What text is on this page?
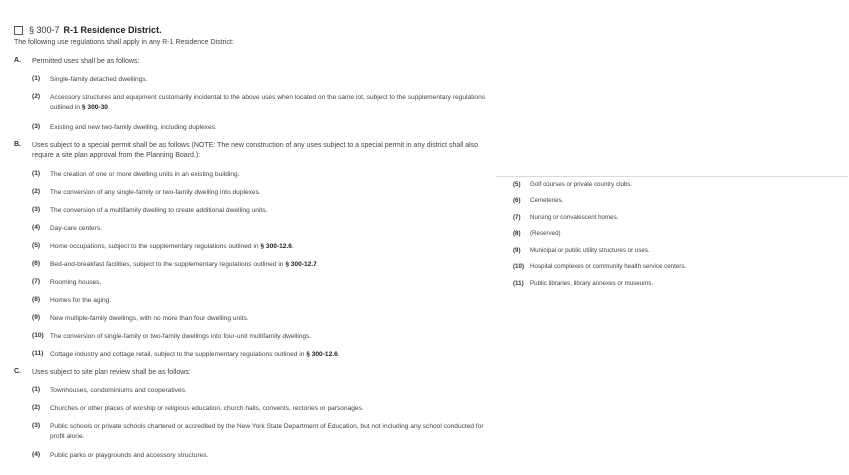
§ 300-7 R-1 Residence District.
The following use regulations shall apply in any R-1 Residence District:
A. Permitted uses shall be as follows:
(1)	Single-family detached dwellings.
(2)	Accessory structures and equipment customarily incidental to the above uses when located on the same lot, subject to the supplementary regulations outlined in § 300-30.
(3)	Existing and new two-family dwelling, including duplexes.
B. Uses subject to a special permit shall be as follows (NOTE: The new construction of any uses subject to a special permit in any district shall also require a site plan approval from the Planning Board.):
(1)	The creation of one or more dwelling units in an existing building.
(2)	The conversion of any single-family or two-family dwelling into duplexes.
(3)	The conversion of a multifamily dwelling to create additional dwelling units.
(4)	Day-care centers.
(5)	Home occupations, subject to the supplementary regulations outlined in § 300-12.6.
(6)	Bed-and-breakfast facilities, subject to the supplementary regulations outlined in § 300-12.7.
(7)	Rooming houses.
(8)	Homes for the aging.
(9)	New multiple-family dwellings, with no more than four dwelling units.
(10) The conversion of single-family or two-family dwellings into four-unit multifamily dwellings.
(11)	Cottage industry and cottage retail, subject to the supplementary regulations outlined in § 300-12.6.
C. Uses subject to site plan review shall be as follows:
(1)	Townhouses, condominiums and cooperatives.
(2)	Churches or other places of worship or religious education, church halls, convents, rectories or parsonages.
(3)	Public schools or private schools chartered or accredited by the New York State Department of Education, but not including any school conducted for profit alone.
(4)	Public parks or playgrounds and accessory structures.
(5)	Golf courses or private country clubs.
(6)	Cemeteries.
(7)	Nursing or convalescent homes.
(8)	(Reserved)
(9)	Municipal or public utility structures or uses.
(10) Hospital complexes or community health service centers.
(11)	Public libraries, library annexes or museums.
